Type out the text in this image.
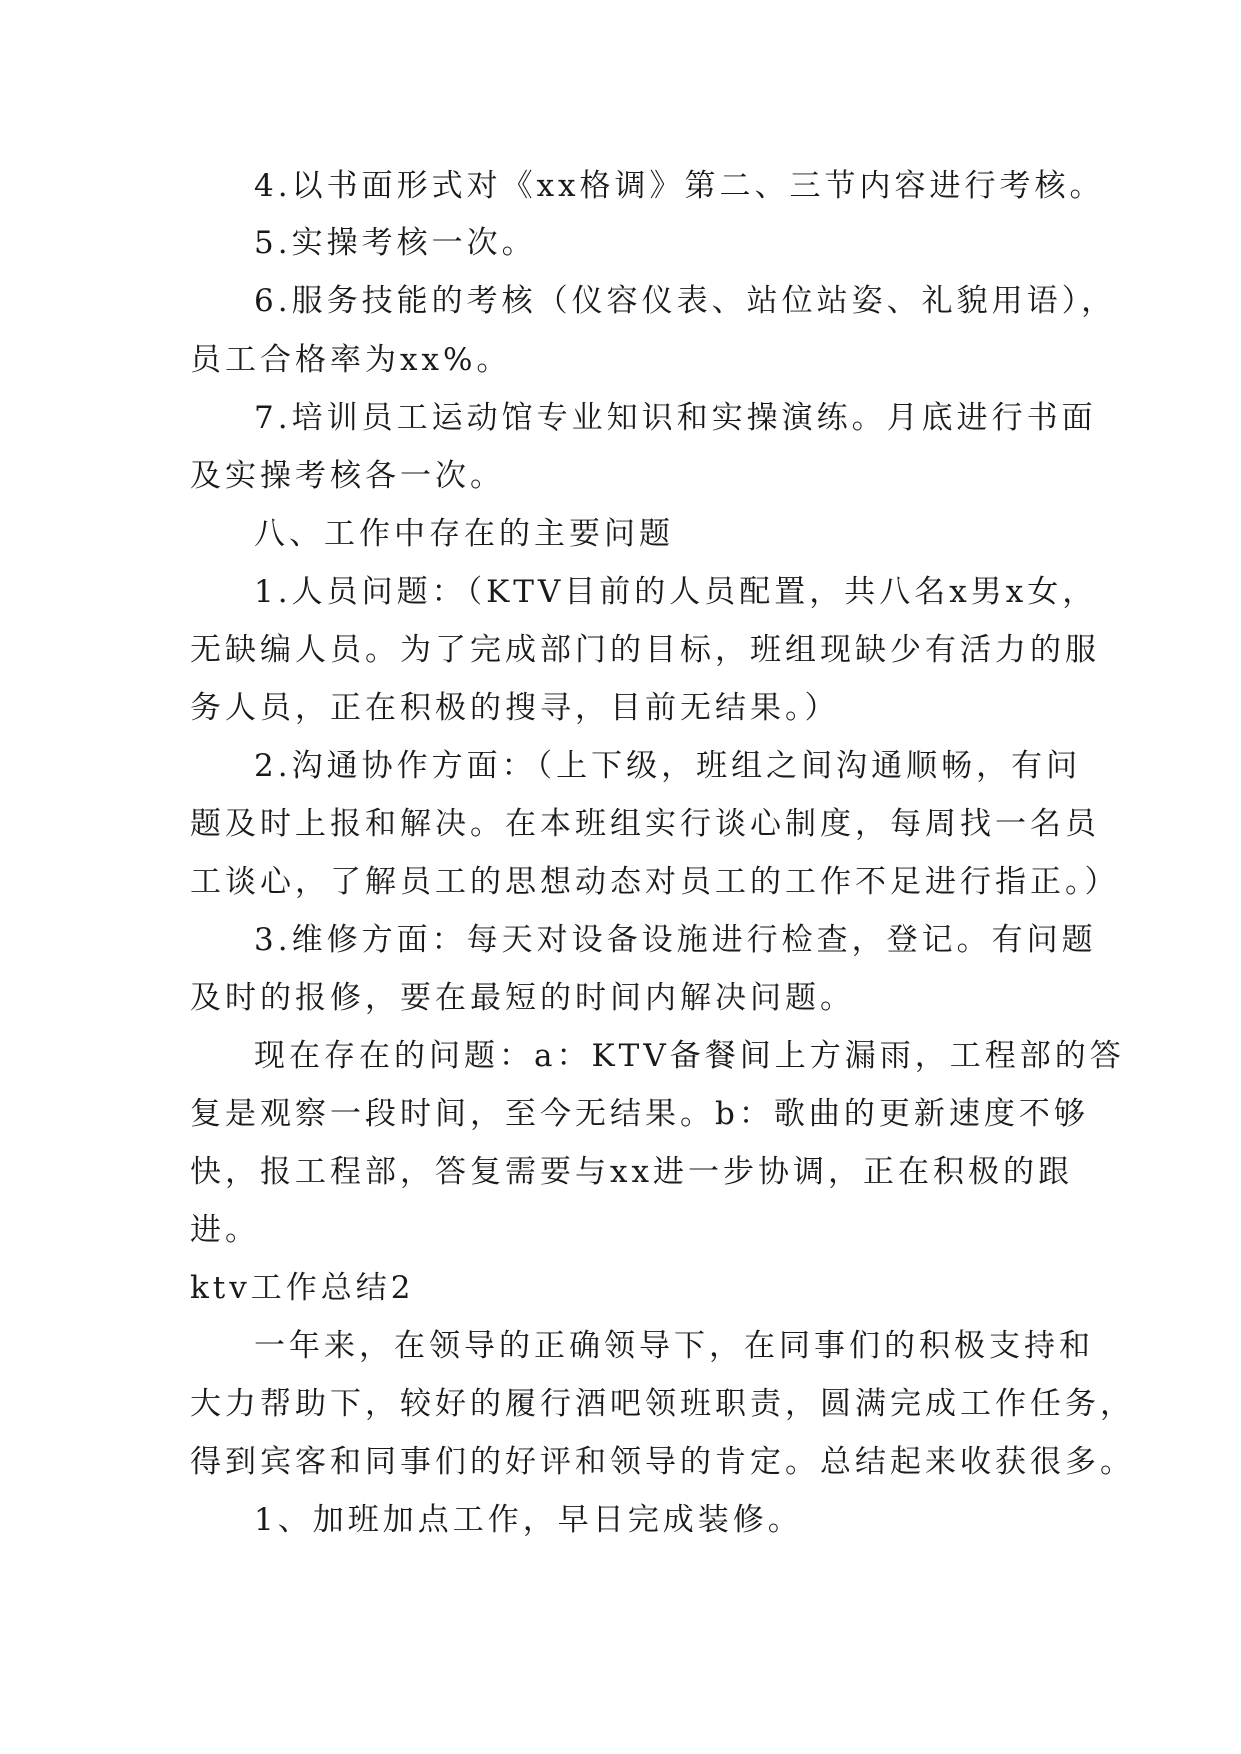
4.以书面形式对《xx格调》第二、三节内容进行考核。

5.实操考核一次。

6.服务技能的考核（仪容仪表、站位站姿、礼貌用语），

员工合格率为xx%。

7.培训员工运动馆专业知识和实操演练。月底进行书面

及实操考核各一次。

八、工作中存在的主要问题

1.人员问题：（KTV目前的人员配置，共八名x男x女，

无缺编人员。为了完成部门的目标，班组现缺少有活力的服

务人员，正在积极的搜寻，目前无结果。）

2.沟通协作方面：（上下级，班组之间沟通顺畅，有问

题及时上报和解决。在本班组实行谈心制度，每周找一名员

工谈心，了解员工的思想动态对员工的工作不足进行指正。）

3.维修方面：每天对设备设施进行检查，登记。有问题

及时的报修，要在最短的时间内解决问题。

现在存在的问题：a：KTV备餐间上方漏雨，工程部的答

复是观察一段时间，至今无结果。b：歌曲的更新速度不够

快，报工程部，答复需要与xx进一步协调，正在积极的跟

进。

ktv工作总结2

一年来，在领导的正确领导下，在同事们的积极支持和

大力帮助下，较好的履行酒吧领班职责，圆满完成工作任务，

得到宾客和同事们的好评和领导的肯定。总结起来收获很多。

1、加班加点工作，早日完成装修。
